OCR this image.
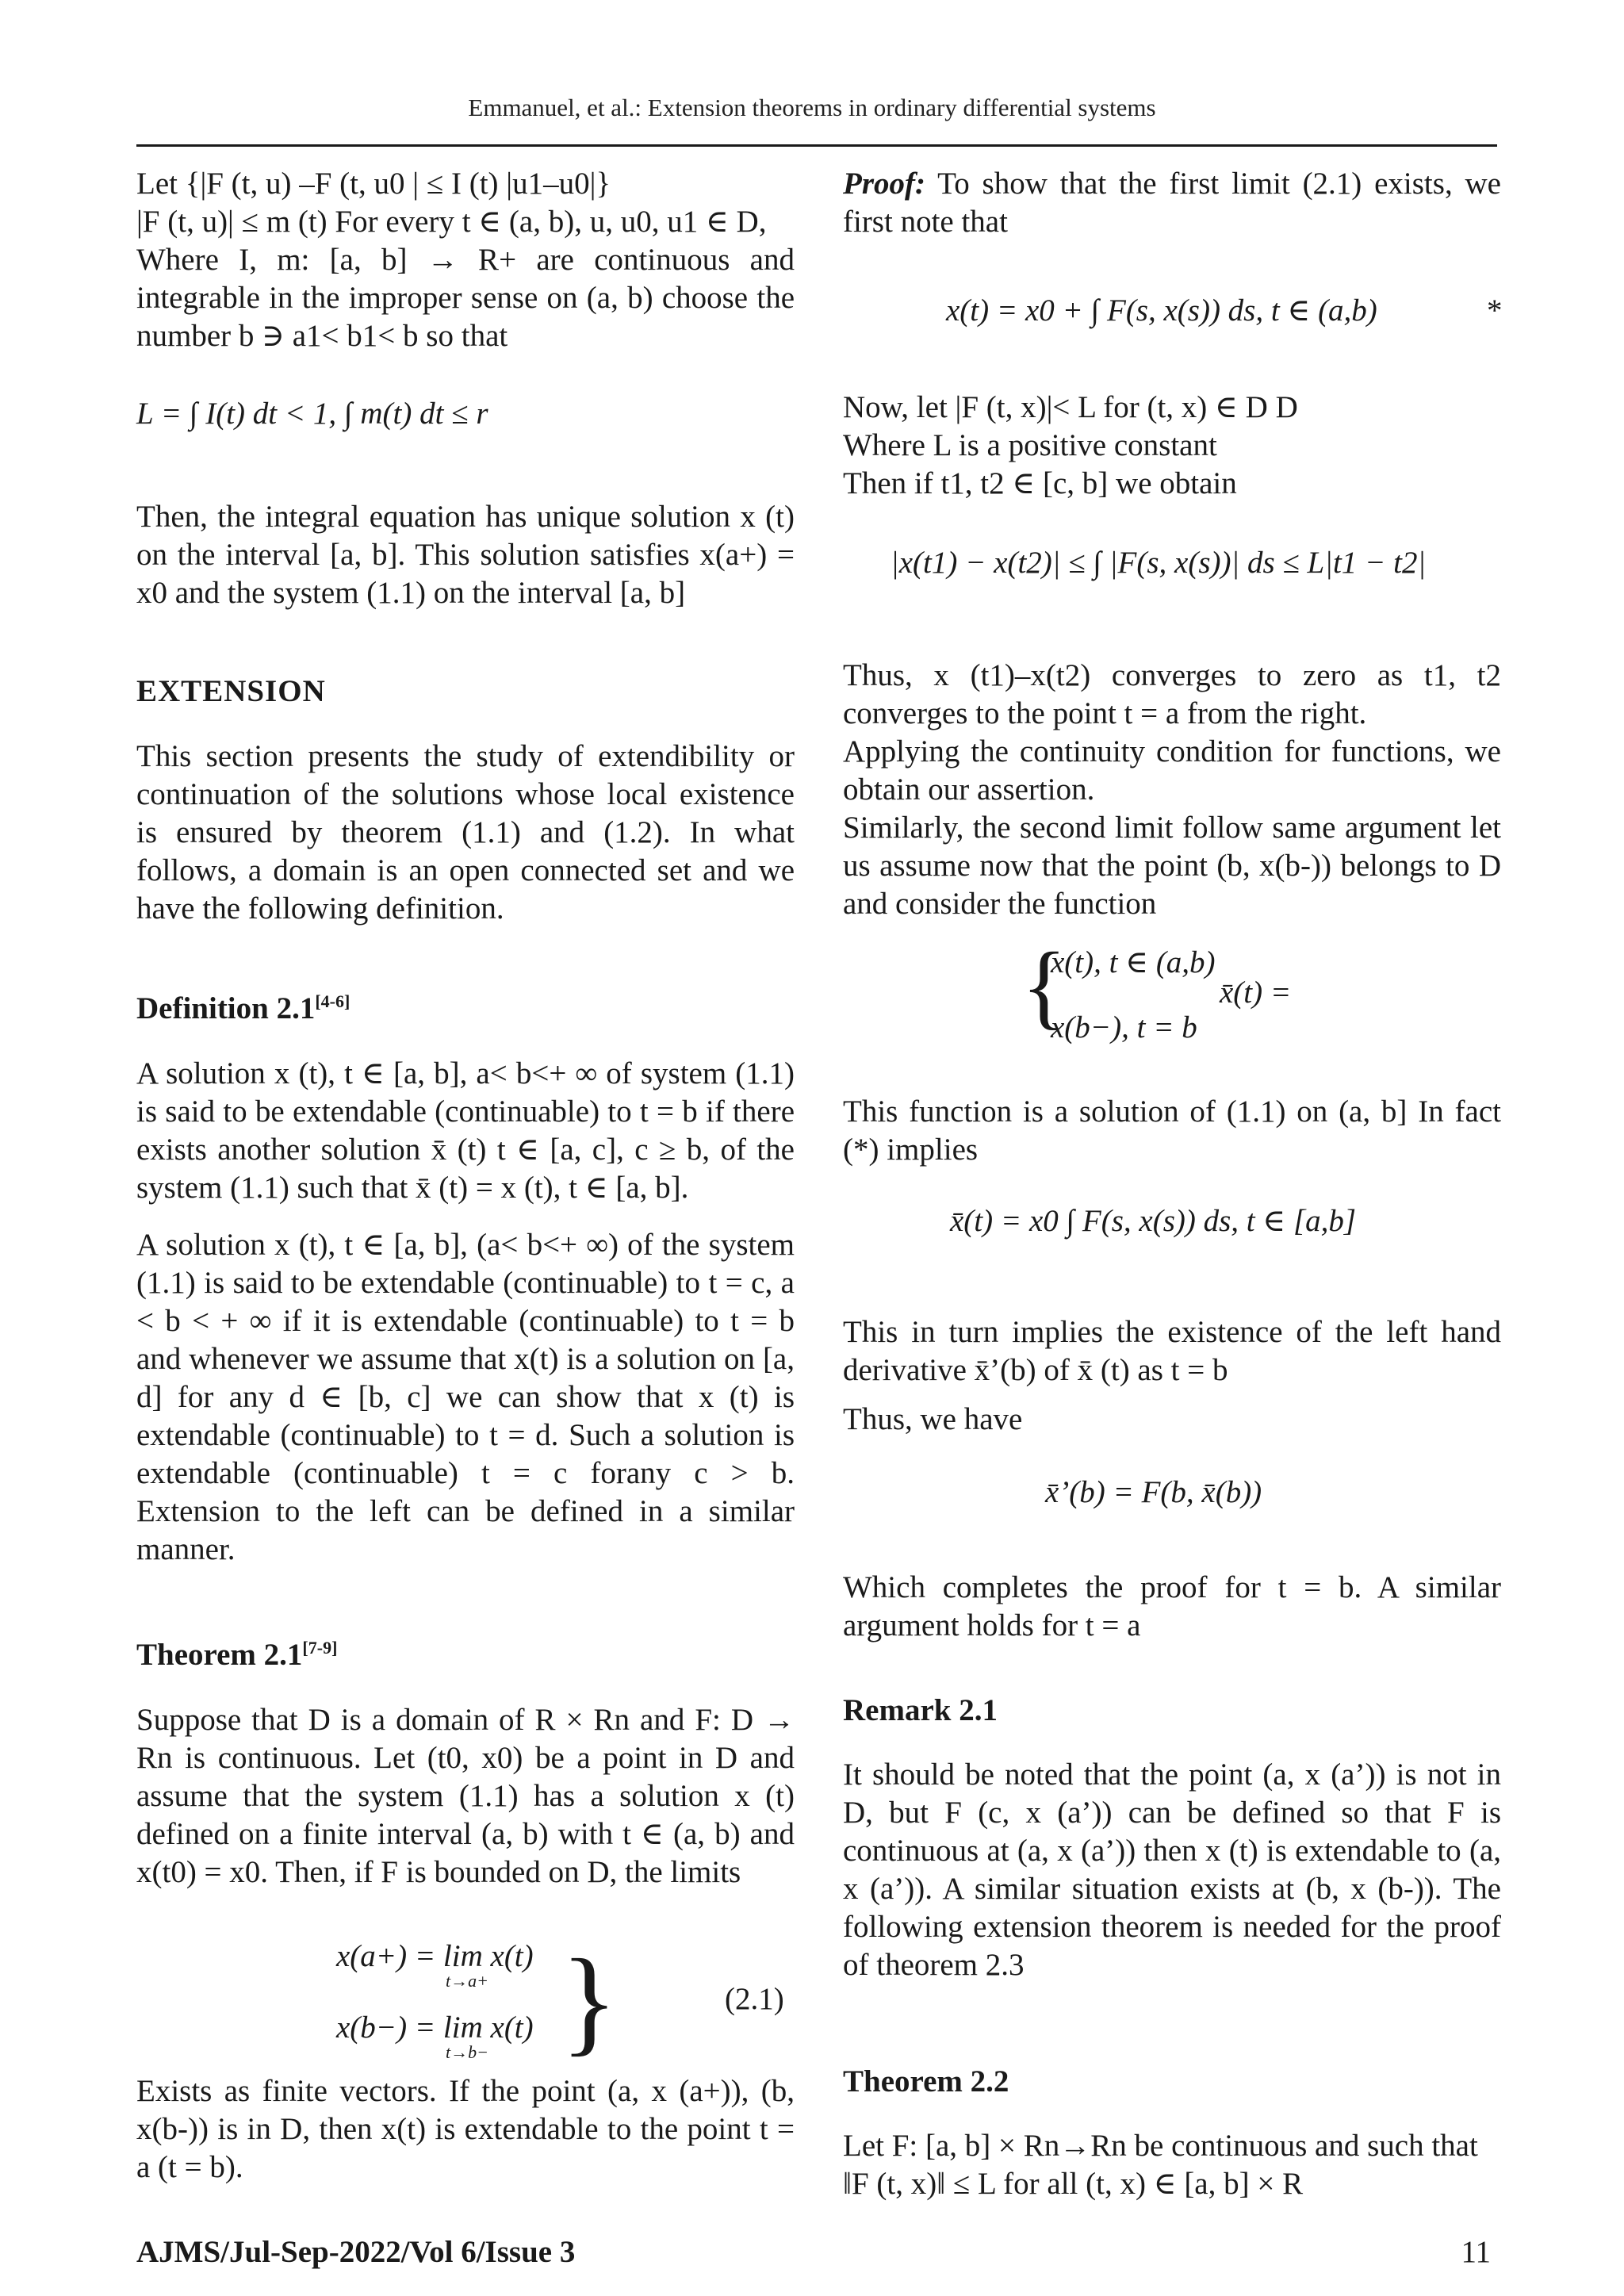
Emmanuel, et al.: Extension theorems in ordinary differential systems
Let {|F (t, u) –F (t, u0 | ≤ I (t) |u1–u0|}
|F (t, u)| ≤ m (t) For every t ∈ (a, b), u, u0, u1 ∈ D,
Where I, m: [a, b] → R+ are continuous and integrable in the improper sense on (a, b) choose the number b ∋ a1< b1< b so that
L = ∫ I(t) dt < 1, ∫ m(t) dt ≤ r
Then, the integral equation has unique solution x (t) on the interval [a, b]. This solution satisfies x(a+) = x0 and the system (1.1) on the interval [a, b]
EXTENSION
This section presents the study of extendibility or continuation of the solutions whose local existence is ensured by theorem (1.1) and (1.2). In what follows, a domain is an open connected set and we have the following definition.
Definition 2.1[4-6]
A solution x (t), t ∈ [a, b], a< b<+ ∞ of system (1.1) is said to be extendable (continuable) to t = b if there exists another solution x̄ (t) t ∈ [a, c], c ≥ b, of the system (1.1) such that x̄ (t) = x (t), t ∈ [a, b].
A solution x (t), t ∈ [a, b], (a< b<+ ∞) of the system (1.1) is said to be extendable (continuable) to t = c, a < b < + ∞ if it is extendable (continuable) to t = b and whenever we assume that x(t) is a solution on [a, d] for any d ∈ [b, c] we can show that x (t) is extendable (continuable) to t = d. Such a solution is extendable (continuable) t = c forany c > b. Extension to the left can be defined in a similar manner.
Theorem 2.1[7-9]
Suppose that D is a domain of R × Rn and F: D → Rn is continuous. Let (t0, x0) be a point in D and assume that the system (1.1) has a solution x (t) defined on a finite interval (a, b) with t ∈ (a, b) and x(t0) = x0. Then, if F is bounded on D, the limits
x(a+) = lim x(t)
t→a+
x(b−) = lim x(t)
t→b− }	(2.1)
Exists as finite vectors. If the point (a, x (a+)), (b, x(b-)) is in D, then x(t) is extendable to the point t = a (t = b).
Proof: To show that the first limit (2.1) exists, we first note that
x(t) = x0 + ∫ F(s, x(s)) ds, t ∈ (a,b)	*
Now, let |F (t, x)|< L for (t, x) ∈ D D
Where L is a positive constant
Then if t1, t2 ∈ [c, b] we obtain
|x(t1) − x(t2)| ≤ ∫ |F(s, x(s))| ds ≤ L|t1 − t2|
Thus, x (t1)–x(t2) converges to zero as t1, t2 converges to the point t = a from the right.
Applying the continuity condition for functions, we obtain our assertion.
Similarly, the second limit follow same argument let us assume now that the point (b, x(b-)) belongs to D and consider the function
{
x(t), t ∈ (a,b)
x(b−), t = b
x̄(t) =
This function is a solution of (1.1) on (a, b] In fact (*) implies
x̄(t) = x0 ∫ F(s, x(s)) ds, t ∈ [a,b]
This in turn implies the existence of the left hand derivative x̄’(b) of x̄ (t) as t = b
Thus, we have
x̄’(b) = F(b, x̄(b))
Which completes the proof for t = b. A similar argument holds for t = a
Remark 2.1
It should be noted that the point (a, x (a’)) is not in D, but F (c, x (a’)) can be defined so that F is continuous at (a, x (a’)) then x (t) is extendable to (a, x (a’)). A similar situation exists at (b, x (b-)). The following extension theorem is needed for the proof of theorem 2.3
Theorem 2.2
Let F: [a, b] × Rn→Rn be continuous and such that
‖F (t, x)‖ ≤ L for all (t, x) ∈ [a, b] × R
AJMS/Jul-Sep-2022/Vol 6/Issue 3	11
